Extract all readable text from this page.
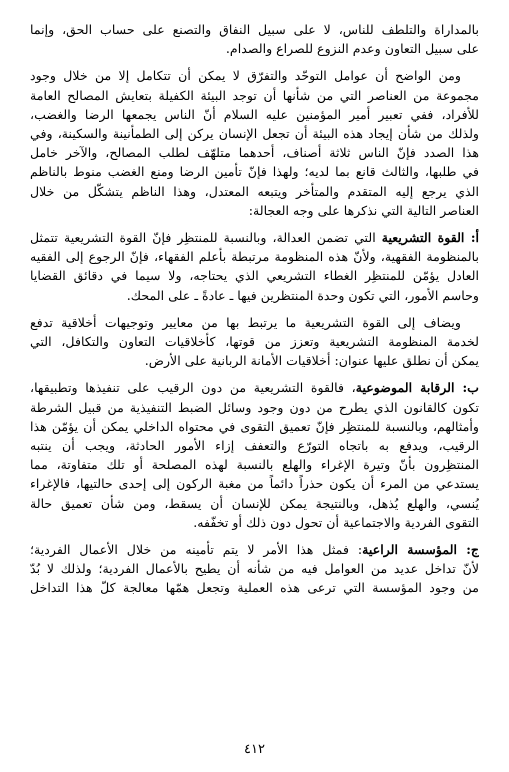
بالمداراة والتلطف للناس، لا على سبيل النفاق والتصنع على حساب الحق، وإنما
على سبيل التعاون وعدم النزوع للصراع والصدام.
ومن الواضح أن عوامل التوحّد والتفرّق لا يمكن أن تتكامل إلا من خلال وجود
مجموعة من العناصر التي من شأنها أن توجد البيئة الكفيلة بتعايش المصالح العامة
للأفراد، ففي تعبير أمير المؤمنين عليه السلام أنّ الناس يجمعها الرضا والغضب،
ولذلك من شأن إيجاد هذه البيئة أن تجعل الإنسان يركن إلى الطمأنينة والسكينة، وفي
هذا الصدد فإنّ الناس ثلاثة أصناف، أحدهما متلهّف لطلب المصالح، والآخر خامل
في طلبها، والثالث قانع بما لديه؛ ولهذا فإنّ تأمين الرضا ومنع الغضب منوط بالناظم
الذي يرجع إليه المتقدم والمتأخر ويتبعه المعتدل، وهذا الناظم يتشكّل من خلال
العناصر التالية التي نذكرها على وجه العجالة:
أ: القوة التشريعية التي تضمن العدالة، وبالنسبة للمنتظِر فإنّ القوة التشريعية تتمثل
بالمنظومة الفقهية، ولأنّ هذه المنظومة مرتبطة بأعلم الفقهاء، فإنّ الرجوع إلى الفقيه
العادل يؤمّن للمنتظِر الغطاء التشريعي الذي يحتاجه، ولا سيما في دقائق القضايا
وحاسم الأمور، التي تكون وحدة المنتظرين فيها ـ عادةً ـ على المحك.
ويضاف إلى القوة التشريعية ما يرتبط بها من معايير وتوجيهات أخلاقية تدفع
لخدمة المنظومة التشريعية وتعزز من قوتها، كأخلاقيات التعاون والتكافل، التي
يمكن أن نطلق عليها عنوان: أخلاقيات الأمانة الربانية على الأرض.
ب: الرقابة الموضوعية، فالقوة التشريعية من دون الرقيب على تنفيذها وتطبيقها،
تكون كالقانون الذي يطرح من دون وجود وسائل الضبط التنفيذية من قبيل الشرطة
وأمثالهم، وبالنسبة للمنتظِر فإنّ تعميق التقوى في محتواه الداخلي يمكن أن يؤمّن هذا
الرقيب، ويدفع به باتجاه التورّع والتعفف إزاء الأمور الحادثة، ويجب أن ينتبه
المنتظِرون بأنّ وتيرة الإغراء والهلع بالنسبة لهذه المصلحة أو تلك متفاوتة، مما
يستدعي من المرء أن يكون حذراً دائماً من مغبة الركون إلى إحدى حالتيها، فالإغراء
يُنسي، والهلع يُذهل، وبالنتيجة يمكن للإنسان أن يسقط، ومن شأن تعميق حالة
التقوى الفردية والاجتماعية أن تحول دون ذلك أو تخفّفه.
ج: المؤسسة الراعية: فمثل هذا الأمر لا يتم تأمينه من خلال الأعمال الفردية؛
لأنّ تداخل عديد من العوامل فيه من شأنه أن يطيح بالأعمال الفردية؛ ولذلك لا بُدّ
من وجود المؤسسة التي ترعى هذه العملية وتجعل همّها معالجة كلّ هذا التداخل
٤١٢
